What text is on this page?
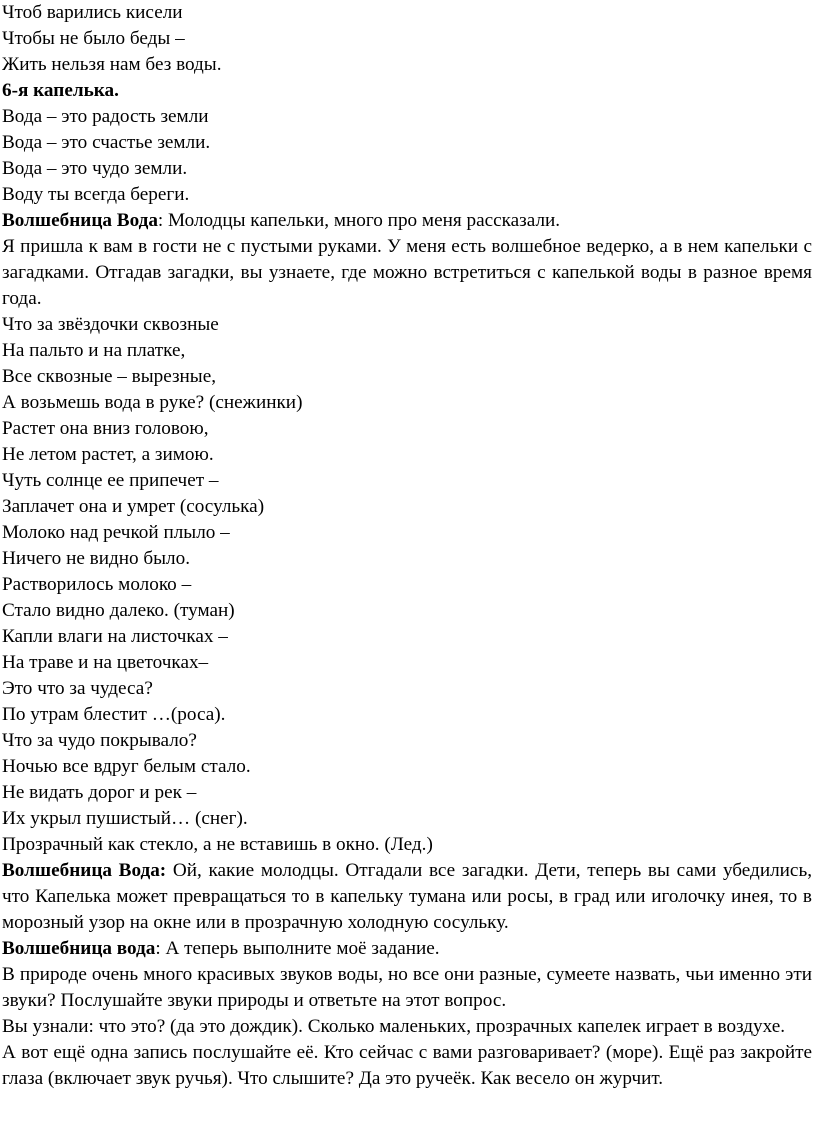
Чтоб варились кисели

Чтобы не было беды –

Жить нельзя нам без воды.

6-я капелька.

Вода – это радость земли

Вода – это счастье земли.

Вода – это чудо земли.

Воду ты всегда береги.

Волшебница Вода: Молодцы капельки, много про меня рассказали.

Я пришла к вам в гости не с пустыми руками. У меня есть волшебное ведерко, а в нем капельки с загадками. Отгадав загадки, вы узнаете, где можно встретиться с капелькой воды в разное время года.

Что за звёздочки сквозные

На пальто и на платке,

Все сквозные – вырезные,

А возьмешь вода в руке? (снежинки)

Растет она вниз головою,

Не летом растет, а зимою.

Чуть солнце ее припечет –

Заплачет она и умрет (сосулька)

Молоко над речкой плыло –

Ничего не видно было.

Растворилось молоко –

Стало видно далеко. (туман)

Капли влаги на листочках –

На траве и на цветочках–

Это что за чудеса?

По утрам блестит …(роса).

Что за чудо покрывало?

Ночью все вдруг белым стало.

Не видать дорог и рек –

Их укрыл пушистый… (снег).

Прозрачный как стекло, а не вставишь в окно. (Лед.)

Волшебница Вода: Ой, какие молодцы. Отгадали все загадки. Дети, теперь вы сами убедились, что Капелька может превращаться то в капельку тумана или росы, в град или иголочку инея, то в морозный узор на окне или в прозрачную холодную сосульку.

Волшебница вода: А теперь выполните моё задание.

В природе очень много красивых звуков воды, но все они разные, сумеете назвать, чьи именно эти звуки? Послушайте звуки природы и ответьте на этот вопрос.

Вы узнали: что это? (да это дождик). Сколько маленьких, прозрачных капелек играет в воздухе.

А вот ещё одна запись послушайте её. Кто сейчас с вами разговаривает? (море). Ещё раз закройте глаза (включает звук ручья). Что слышите? Да это ручеёк. Как весело он журчит.
